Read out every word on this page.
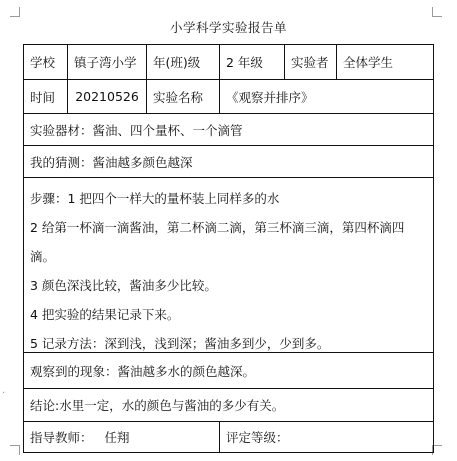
·
小学科学实验报告单
学校	镇子湾小学	年(班)级	2 年级	实验者	全体学生
时间	20210526	实验名称	《观察并排序》
实验器材：酱油、四个量杯、一个滴管
我的猜测：酱油越多颜色越深

步骤：1 把四个一样大的量杯装上同样多的水

2 给第一杯滴一滴酱油，第二杯滴二滴，第三杯滴三滴，第四杯滴四滴。

3 颜色深浅比较，酱油多少比较。

4 把实验的结果记录下来。

5 记录方法：深到浅，浅到深；酱油多到少，少到多。

观察到的现象：酱油越多水的颜色越深。
结论:水里一定，水的颜色与酱油的多少有关。
指导教师： 任翔	评定等级：
